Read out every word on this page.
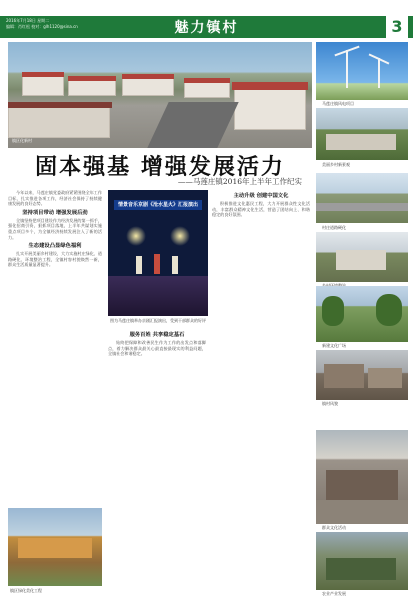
2016年7月18日 星期二
编辑：肖红松 校对：glh1120@sina.cn	魅力镇村	3
镇区化新村
马莲庄镇风电项目
美丽乡村新景观
村庄道路硬化
新建文化广场
镇村风貌
群众文化活动
农业产业发展
固本强基 增强发展活力
——马莲庄镇2016年上半年工作纪实

今年以来，马莲庄镇党委政府紧紧围绕全年工作目标，扎实推进各项工作，经济社会保持了持续健康发展的良好态势。

坚持项目带动 增强发展后劲

全镇坚持把项目建设作为经济发展的第一抓手，强化招商引资，狠抓项目落地，上半年共谋划实施重点项目多个，为全镇经济持续发展注入了新的活力。

生态建设凸显绿色福利

扎实开展美丽乡村建设，大力实施村庄绿化、道路硬化、环境整治工程，全镇村容村貌焕然一新，群众生活质量显著提升。

情景音乐京剧《沧水星火》汇报演出
图为马莲庄镇举办京剧汇报演出，受到干部群众的好评
服务百姓 共享稳定基石

始终把保障和改善民生作为工作的出发点和落脚点，着力解决群众最关心最直接最现实的利益问题，全镇社会和谐稳定。

主动升级 创建中国文化

积极推进文化惠民工程，大力开展群众性文化活动，丰富群众精神文化生活，营造了团结向上、和谐稳定的良好氛围。

镇区绿化美化工程
